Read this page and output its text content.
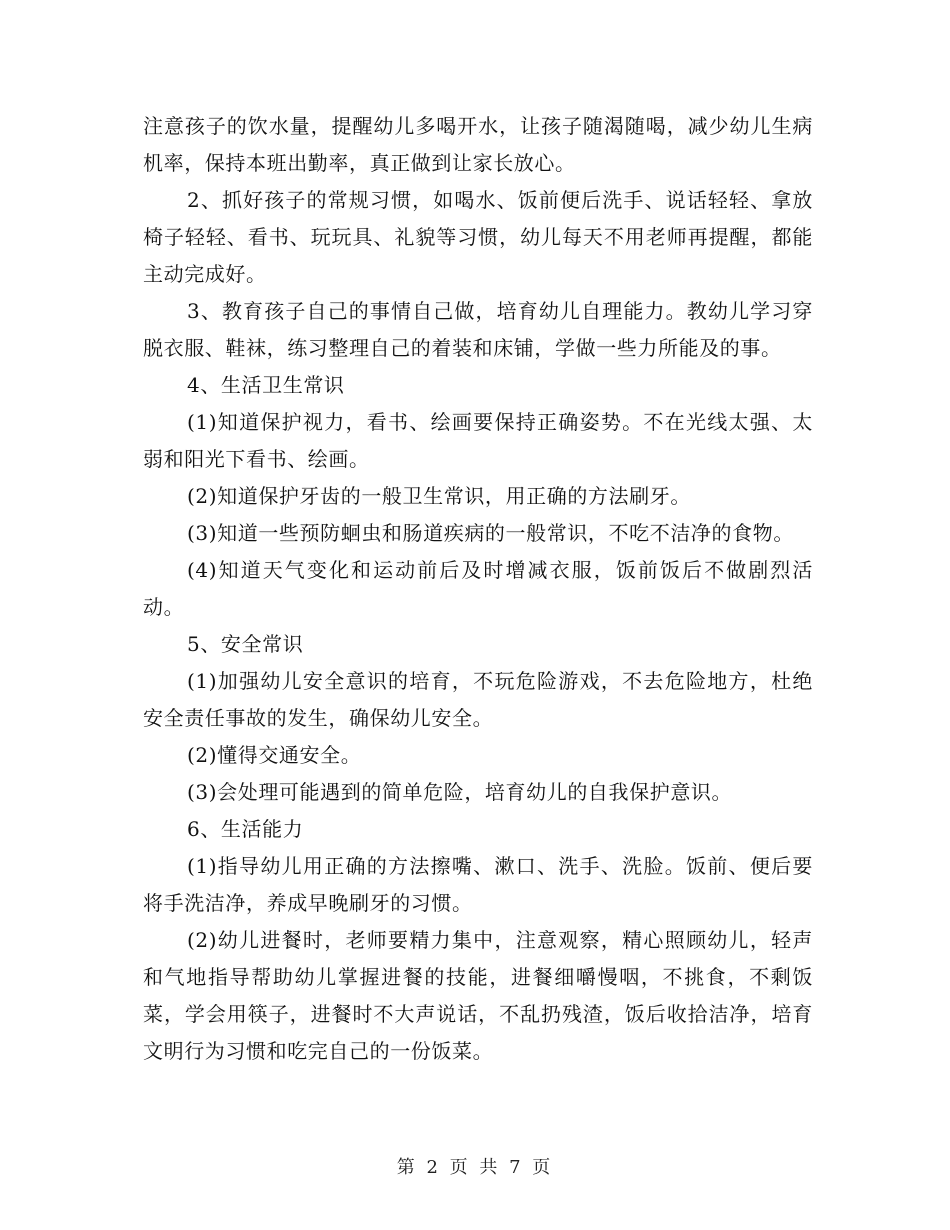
注意孩子的饮水量，提醒幼儿多喝开水，让孩子随渴随喝，减少幼儿生病机率，保持本班出勤率，真正做到让家长放心。

2、抓好孩子的常规习惯，如喝水、饭前便后洗手、说话轻轻、拿放椅子轻轻、看书、玩玩具、礼貌等习惯，幼儿每天不用老师再提醒，都能主动完成好。

3、教育孩子自己的事情自己做，培育幼儿自理能力。教幼儿学习穿脱衣服、鞋袜，练习整理自己的着装和床铺，学做一些力所能及的事。

4、生活卫生常识

(1)知道保护视力，看书、绘画要保持正确姿势。不在光线太强、太弱和阳光下看书、绘画。

(2)知道保护牙齿的一般卫生常识，用正确的方法刷牙。

(3)知道一些预防蛔虫和肠道疾病的一般常识，不吃不洁净的食物。

(4)知道天气变化和运动前后及时增减衣服，饭前饭后不做剧烈活动。

5、安全常识

(1)加强幼儿安全意识的培育，不玩危险游戏，不去危险地方，杜绝安全责任事故的发生，确保幼儿安全。

(2)懂得交通安全。

(3)会处理可能遇到的简单危险，培育幼儿的自我保护意识。

6、生活能力

(1)指导幼儿用正确的方法擦嘴、漱口、洗手、洗脸。饭前、便后要将手洗洁净，养成早晚刷牙的习惯。

(2)幼儿进餐时，老师要精力集中，注意观察，精心照顾幼儿，轻声和气地指导帮助幼儿掌握进餐的技能，进餐细嚼慢咽，不挑食，不剩饭菜，学会用筷子，进餐时不大声说话，不乱扔残渣，饭后收拾洁净，培育文明行为习惯和吃完自己的一份饭菜。

第 2 页 共 7 页
